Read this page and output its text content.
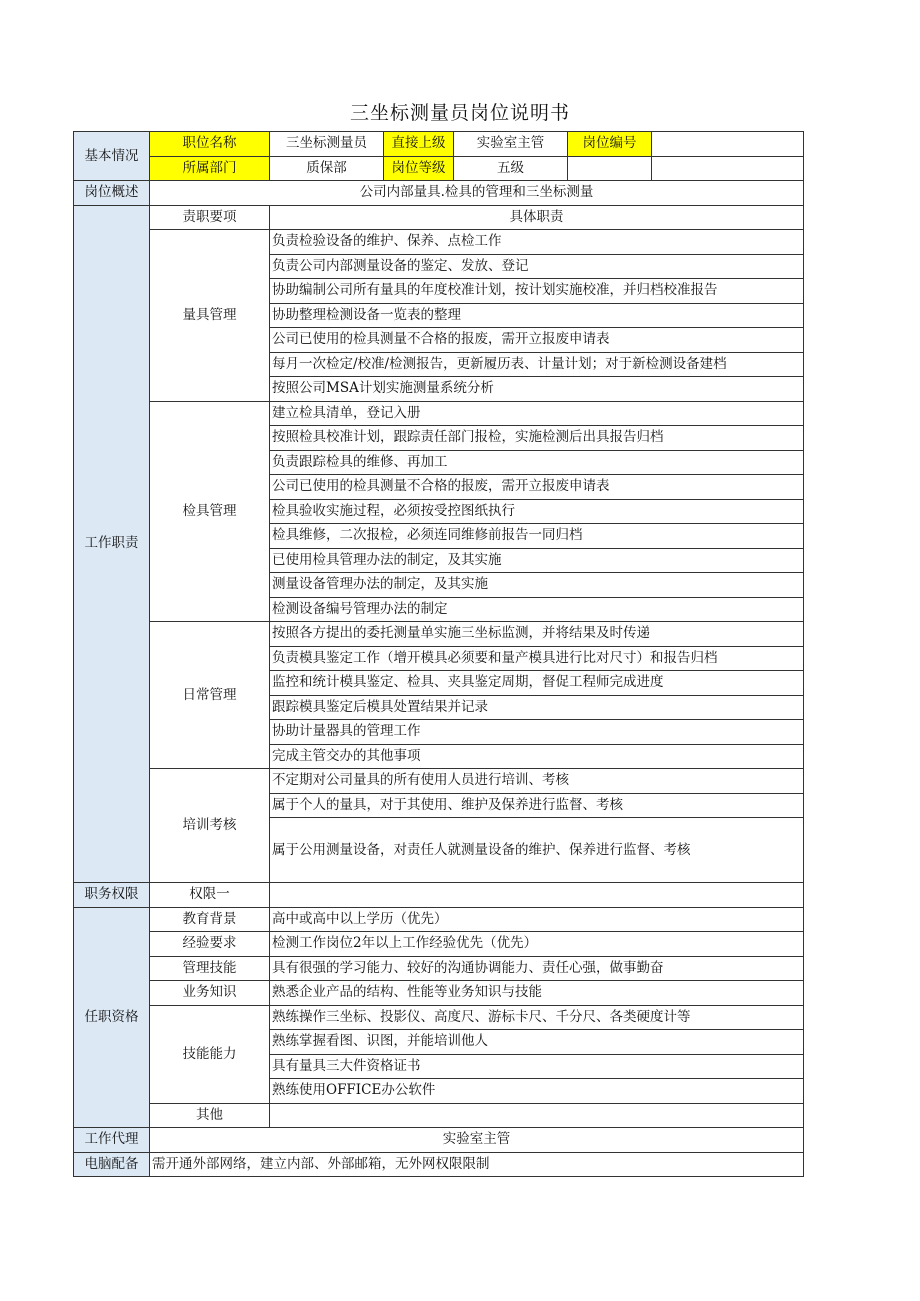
三坐标测量员岗位说明书
基本情况	职位名称	三坐标测量员	直接上级	实验室主管	岗位编号	
	所属部门	质保部	岗位等级	五级		
岗位概述	公司内部量具.检具的管理和三坐标测量					
工作职责	责职要项	具体职责				
	量具管理	负责检验设备的维护、保养、点检工作				
		负责公司内部测量设备的鉴定、发放、登记				
		协助编制公司所有量具的年度校准计划，按计划实施校准，并归档校准报告				
		协助整理检测设备一览表的整理				
		公司已使用的检具测量不合格的报废，需开立报废申请表				
		每月一次检定/校准/检测报告，更新履历表、计量计划；对于新检测设备建档				
		按照公司MSA计划实施测量系统分析				
	检具管理	建立检具清单，登记入册				
		按照检具校准计划，跟踪责任部门报检，实施检测后出具报告归档				
		负责跟踪检具的维修、再加工				
		公司已使用的检具测量不合格的报废，需开立报废申请表				
		检具验收实施过程，必须按受控图纸执行				
		检具维修，二次报检，必须连同维修前报告一同归档				
		已使用检具管理办法的制定，及其实施				
		测量设备管理办法的制定，及其实施				
		检测设备编号管理办法的制定				
	日常管理	按照各方提出的委托测量单实施三坐标监测，并将结果及时传递				
		负责模具鉴定工作（增开模具必须要和量产模具进行比对尺寸）和报告归档				
		监控和统计模具鉴定、检具、夹具鉴定周期，督促工程师完成进度				
		跟踪模具鉴定后模具处置结果并记录				
		协助计量器具的管理工作				
		完成主管交办的其他事项				
	培训考核	不定期对公司量具的所有使用人员进行培训、考核				
		属于个人的量具，对于其使用、维护及保养进行监督、考核				
		属于公用测量设备，对责任人就测量设备的维护、保养进行监督、考核				
职务权限	权限一					
任职资格	教育背景	高中或高中以上学历（优先）				
	经验要求	检测工作岗位2年以上工作经验优先（优先）				
	管理技能	具有很强的学习能力、较好的沟通协调能力、责任心强，做事勤奋				
	业务知识	熟悉企业产品的结构、性能等业务知识与技能				
	技能能力	熟练操作三坐标、投影仪、高度尺、游标卡尺、千分尺、各类硬度计等				
		熟练掌握看图、识图，并能培训他人				
		具有量具三大件资格证书				
		熟练使用OFFICE办公软件				
	其他					
工作代理	实验室主管					
电脑配备	需开通外部网络，建立内部、外部邮箱，无外网权限限制					
